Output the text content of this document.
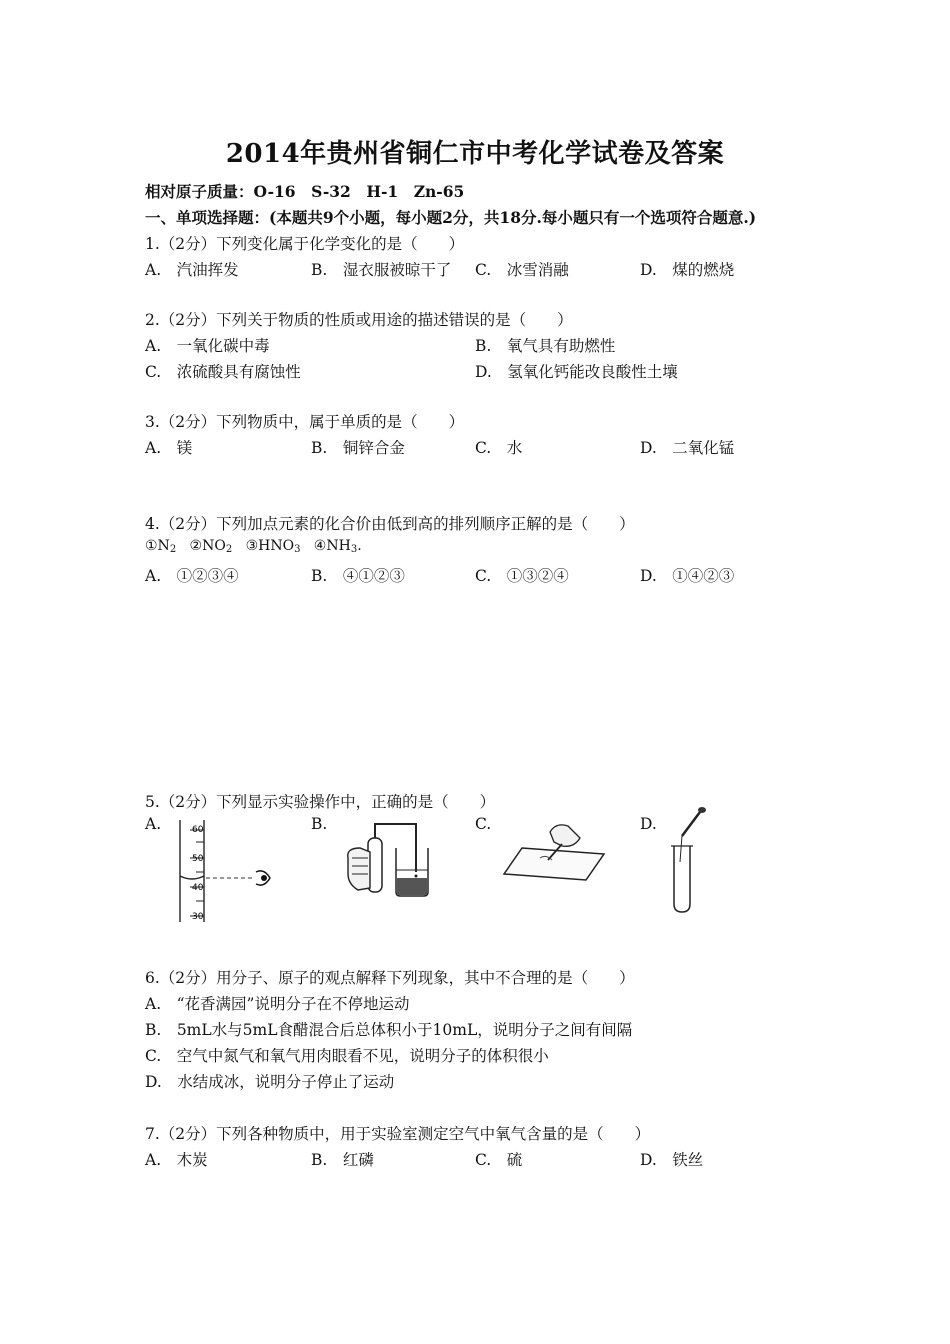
2014年贵州省铜仁市中考化学试卷及答案
相对原子质量：O-16　S-32　H-1　Zn-65
一、单项选择题：(本题共9个小题，每小题2分，共18分.每小题只有一个选项符合题意.)
1.（2分）下列变化属于化学变化的是（　　）
A.　汽油挥发	B.　湿衣服被晾干了 C.　冰雪消融	D.　煤的燃烧
2.（2分）下列关于物质的性质或用途的描述错误的是（　　）
A.　一氧化碳中毒	B.　氧气具有助燃性
C.　浓硫酸具有腐蚀性	D.　氢氧化钙能改良酸性土壤
3.（2分）下列物质中，属于单质的是（　　）
A.　镁	B.　铜锌合金	C.　水	D.　二氧化锰
4.（2分）下列加点元素的化合价由低到高的排列顺序正解的是（　　）
$①N_2$ $②NO_2$ $③HNO_3$ $④NH_3$.
A.　①②③④	B.　④①②③	C.　①③②④	D.　①④②③
5.（2分）下列显示实验操作中，正确的是（　　）
A.	B.	C.	D.
60
50
40
30
6.（2分）用分子、原子的观点解释下列现象，其中不合理的是（　　）
A.　“花香满园”说明分子在不停地运动
B.　5mL水与5mL食醋混合后总体积小于10mL，说明分子之间有间隔
C.　空气中氮气和氧气用肉眼看不见，说明分子的体积很小
D.　水结成冰，说明分子停止了运动
7.（2分）下列各种物质中，用于实验室测定空气中氧气含量的是（　　）
A.　木炭	B.　红磷	C.　硫	D.　铁丝
